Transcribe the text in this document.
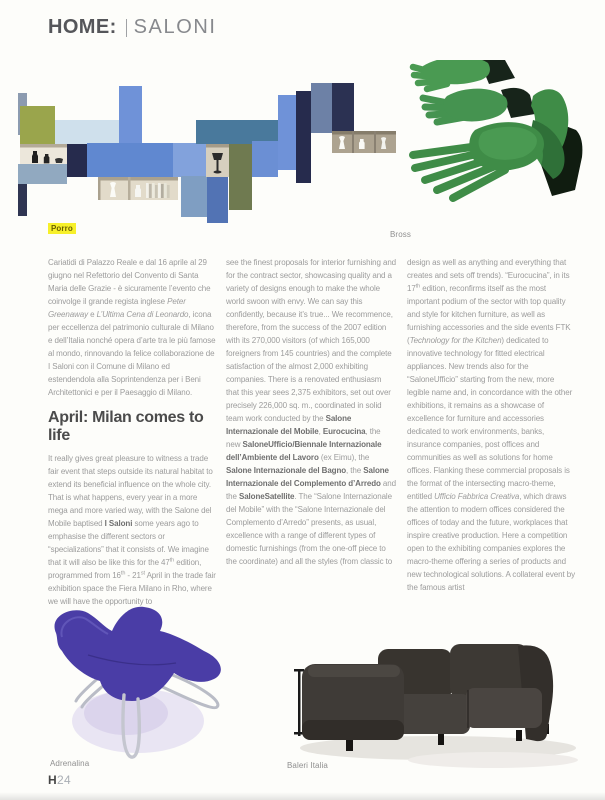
HOME: | SALONI
Porro
Bross

Cariatidi di Palazzo Reale e dal 16 aprile al 29 giugno nel Refettorio del Convento di Santa Maria delle Grazie - è sicuramente l’evento che coinvolge il grande regista inglese Peter Greenaway e L’Ultima Cena di Leonardo, icona per eccellenza del patrimonio culturale di Milano e dell’Italia nonché opera d’arte tra le più famose al mondo, rinnovando la felice collaborazione de I Saloni con il Comune di Milano ed estendendola alla Soprintendenza per i Beni Architettonici e per il Paesaggio di Milano.

April: Milan comes to life

It really gives great pleasure to witness a trade fair event that steps outside its natural habitat to extend its beneficial influence on the whole city. That is what happens, every year in a more mega and more varied way, with the Salone del Mobile baptised I Saloni some years ago to emphasise the different sectors or “specializations” that it consists of. We imagine that it will also be like this for the 47th edition, programmed from 16th - 21st April in the trade fair exhibition space the Fiera Milano in Rho, where we will have the opportunity to

see the finest proposals for interior furnishing and for the contract sector, showcasing quality and a variety of designs enough to make the whole world swoon with envy. We can say this confidently, because it’s true... We recommence, therefore, from the success of the 2007 edition with its 270,000 visitors (of which 165,000 foreigners from 145 countries) and the complete satisfaction of the almost 2,000 exhibiting companies. There is a renovated enthusiasm that this year sees 2,375 exhibitors, set out over precisely 226,000 sq. m., coordinated in solid team work conducted by the Salone Internazionale del Mobile, Eurocucina, the new SaloneUfficio/Biennale Internazionale dell’Ambiente del Lavoro (ex Eimu), the Salone Internazionale del Bagno, the Salone Internazionale del Complemento d’Arredo and the SaloneSatellite. The “Salone Internazionale del Mobile” with the “Salone Internazionale del Complemento d’Arredo” presents, as usual, excellence with a range of different types of domestic furnishings (from the one-off piece to the coordinate) and all the styles (from classic to

design as well as anything and everything that creates and sets off trends). “Eurocucina”, in its 17th edition, reconfirms itself as the most important podium of the sector with top quality and style for kitchen furniture, as well as furnishing accessories and the side events FTK (Technology for the Kitchen) dedicated to innovative technology for fitted electrical appliances. New trends also for the “SaloneUfficio” starting from the new, more legible name and, in concordance with the other exhibitions, it remains as a showcase of excellence for furniture and accessories dedicated to work environments, banks, insurance companies, post offices and communities as well as solutions for home offices. Flanking these commercial proposals is the format of the intersecting macro-theme, entitled Ufficio Fabbrica Creativa, which draws the attention to modern offices considered the offices of today and the future, workplaces that inspire creative production. Here a competition open to the exhibiting companies explores the macro-theme offering a series of products and new technological solutions. A collateral event by the famous artist

Adrenalina	Baleri Italia
H24
